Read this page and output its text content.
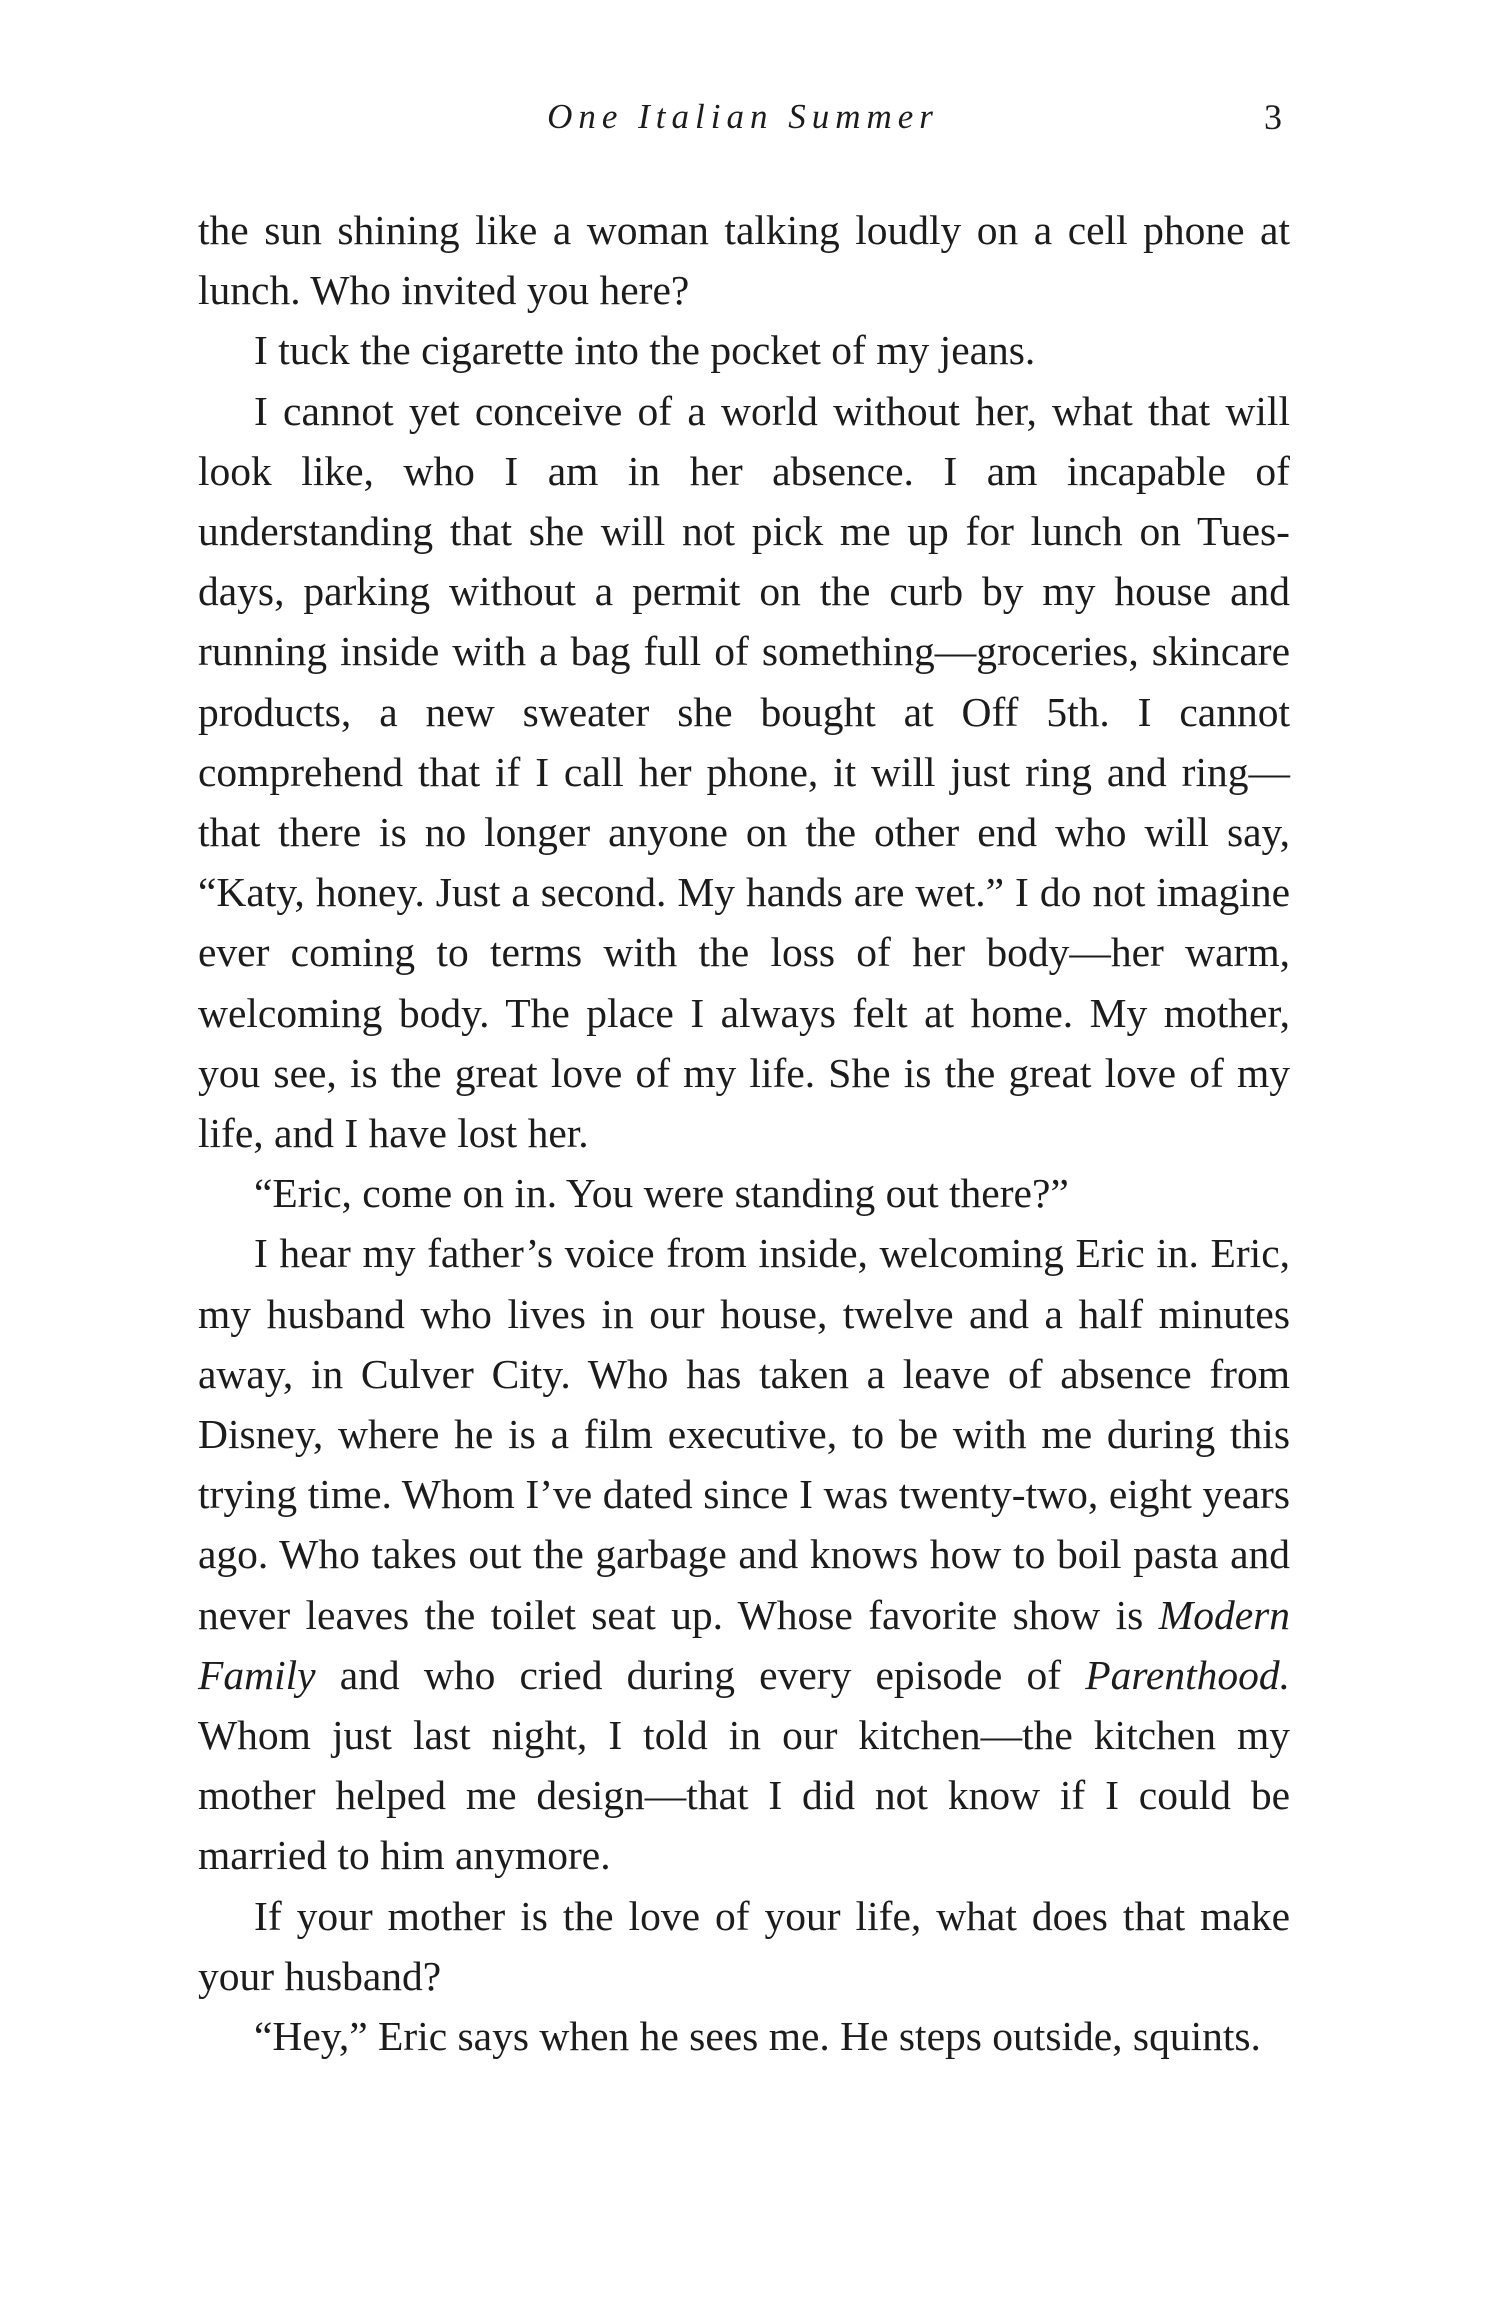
One Italian Summer	3

the sun shining like a woman talking loudly on a cell phone at lunch. Who invited you here?

I tuck the cigarette into the pocket of my jeans.

I cannot yet conceive of a world without her, what that will look like, who I am in her absence. I am incapable of understanding that she will not pick me up for lunch on Tuesdays, parking without a permit on the curb by my house and running inside with a bag full of something—groceries, skincare products, a new sweater she bought at Off 5th. I cannot comprehend that if I call her phone, it will just ring and ring— that there is no longer anyone on the other end who will say, “Katy, honey. Just a second. My hands are wet.” I do not imagine ever coming to terms with the loss of her body—her warm, welcoming body. The place I always felt at home. My mother, you see, is the great love of my life. She is the great love of my life, and I have lost her.

“Eric, come on in. You were standing out there?”

I hear my father’s voice from inside, welcoming Eric in. Eric, my husband who lives in our house, twelve and a half minutes away, in Culver City. Who has taken a leave of absence from Disney, where he is a film executive, to be with me during this trying time. Whom I’ve dated since I was twenty-two, eight years ago. Who takes out the garbage and knows how to boil pasta and never leaves the toilet seat up. Whose favorite show is Modern Family and who cried during every episode of Parenthood. Whom just last night, I told in our kitchen—the kitchen my mother helped me design—that I did not know if I could be married to him anymore.

If your mother is the love of your life, what does that make your husband?

“Hey,” Eric says when he sees me. He steps outside, squints.
